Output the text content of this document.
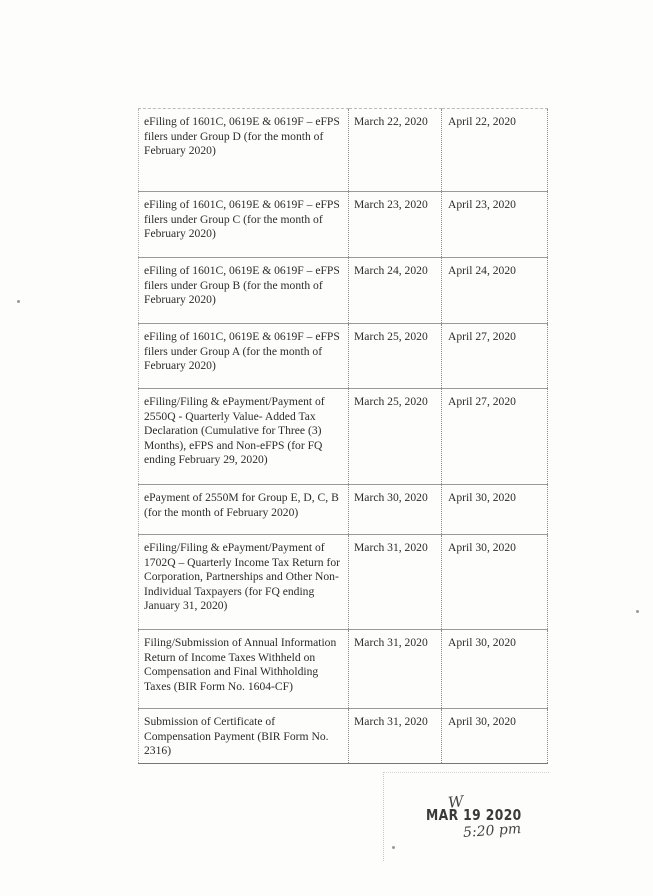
eFiling of 1601C, 0619E & 0619F – eFPS filers under Group D (for the month of February 2020)	March 22, 2020	April 22, 2020
eFiling of 1601C, 0619E & 0619F – eFPS filers under Group C (for the month of February 2020)	March 23, 2020	April 23, 2020
eFiling of 1601C, 0619E & 0619F – eFPS filers under Group B (for the month of February 2020)	March 24, 2020	April 24, 2020
eFiling of 1601C, 0619E & 0619F – eFPS filers under Group A (for the month of February 2020)	March 25, 2020	April 27, 2020
eFiling/Filing & ePayment/Payment of 2550Q - Quarterly Value- Added Tax Declaration (Cumulative for Three (3) Months), eFPS and Non-eFPS (for FQ ending February 29, 2020)	March 25, 2020	April 27, 2020
ePayment of 2550M for Group E, D, C, B (for the month of February 2020)	March 30, 2020	April 30, 2020
eFiling/Filing & ePayment/Payment of 1702Q – Quarterly Income Tax Return for Corporation, Partnerships and Other Non-Individual Taxpayers (for FQ ending January 31, 2020)	March 31, 2020	April 30, 2020
Filing/Submission of Annual Information Return of Income Taxes Withheld on Compensation and Final Withholding Taxes (BIR Form No. 1604-CF)	March 31, 2020	April 30, 2020
Submission of Certificate of Compensation Payment (BIR Form No. 2316)	March 31, 2020	April 30, 2020
W
MAR 19 2020
5:20 pm
